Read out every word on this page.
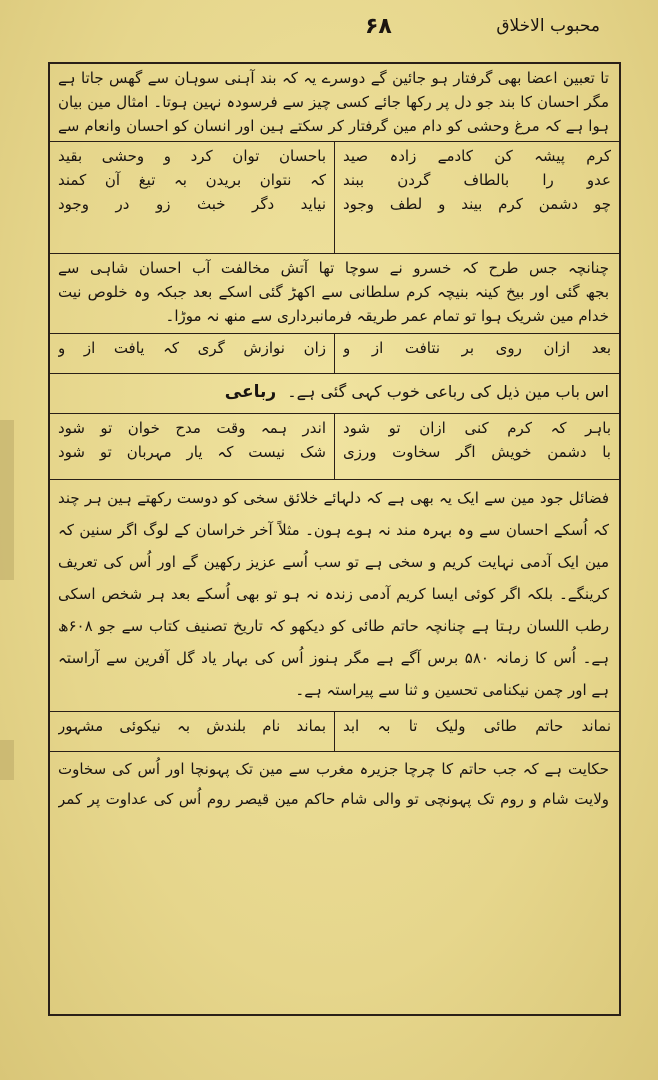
۶۸	محبوب الاخلاق
تا تعبین اعضا بھی گرفتار ہو جائین گے دوسرے یہ کہ بند آہنی سوہان سے گھس جاتا ہے
مگر احسان کا بند جو دل پر رکھا جائے کسی چیز سے فرسودہ نہین ہوتا۔ امثال مین بیان
ہوا ہے کہ مرغ وحشی کو دام مین گرفتار کر سکتے ہین اور انسان کو احسان وانعام سے
کرم پیشہ کن کادمے زادہ صید
عدو را بالطاف گردن ببند
چو دشمن کرم بیند و لطف وجود
باحسان توان کرد و وحشی بقید
کہ نتوان بریدن بہ تیغ آن کمند
نیاید دگر خبث زو در وجود
چنانچہ جس طرح کہ خسرو نے سوچا تھا آتش مخالفت آب احسان شاہی سے
بجھ گئی اور بیخ کینہ بنیچہ کرم سلطانی سے اکھڑ گئی اسکے بعد جبکہ وہ خلوص نیت
خدام مین شریک ہوا تو تمام عمر طریقہ فرمانبرداری سے منھ نہ موڑا۔
بعد ازان روی بر نتافت از و
زان نوازش گری کہ یافت از و
اس باب مین ذیل کی رباعی خوب کہی گئی ہے۔ رباعی
باہر کہ کرم کنی ازان تو شود
با دشمن خویش اگر سخاوت ورزی
اندر ہمہ وقت مدح خوان تو شود
شک نیست کہ یار مہربان تو شود
فضائل جود مین سے ایک یہ بھی ہے کہ دلہائے خلائق سخی کو دوست رکھتے ہین ہر چند
کہ اُسکے احسان سے وہ بہرہ مند نہ ہوے ہون۔ مثلاً آخر خراسان کے لوگ اگر سنین کہ
مین ایک آدمی نہایت کریم و سخی ہے تو سب اُسے عزیز رکھین گے اور اُس کی تعریف
کرینگے۔ بلکہ اگر کوئی ایسا کریم آدمی زندہ نہ ہو تو بھی اُسکے بعد ہر شخص اسکی
رطب اللسان رہتا ہے چنانچہ حاتم طائی کو دیکھو کہ تاریخ تصنیف کتاب سے جو ۶۰۸ھ
ہے۔ اُس کا زمانہ ۵۸۰ برس آگے ہے مگر ہنوز اُس کی بہار یاد گل آفرین سے آراستہ
ہے اور چمن نیکنامی تحسین و ثنا سے پیراستہ ہے۔
نماند حاتم طائی ولیک تا بہ ابد
بماند نام بلندش بہ نیکوئی مشہور
حکایت ہے کہ جب حاتم کا چرچا جزیرہ مغرب سے مین تک پہونچا اور اُس کی سخاوت
ولایت شام و روم تک پہونچی تو والی شام حاکم مین قیصر روم اُس کی عداوت پر کمر
